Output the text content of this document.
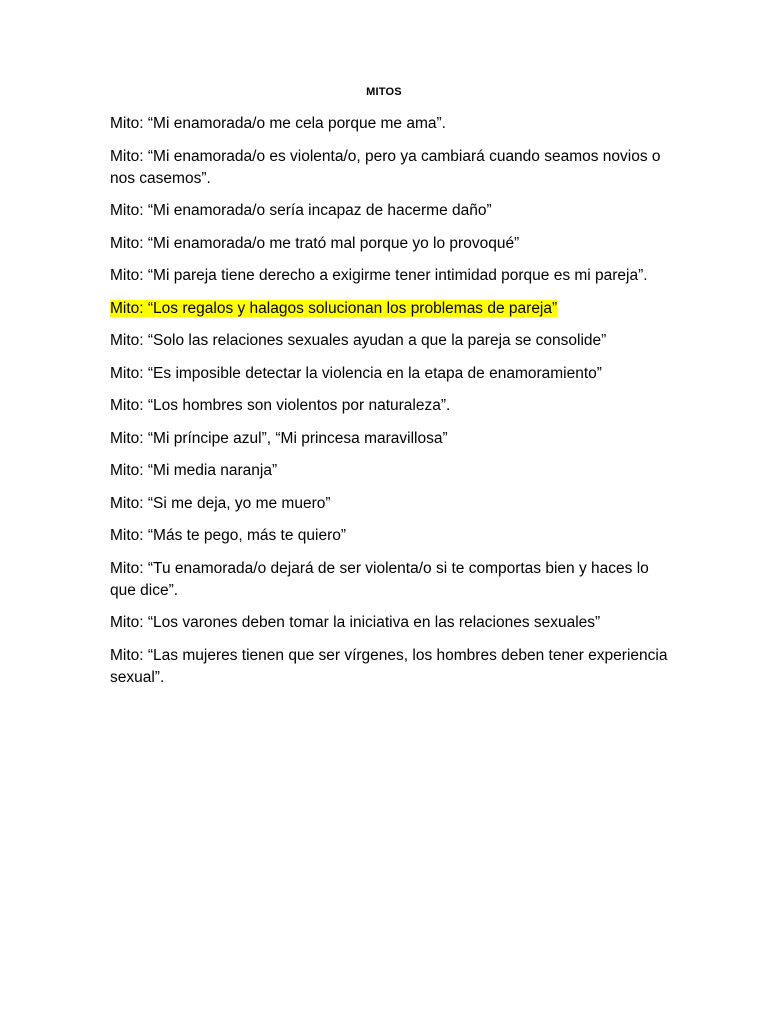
MITOS
Mito: “Mi enamorada/o me cela porque me ama”.
Mito: “Mi enamorada/o es violenta/o, pero ya cambiará cuando seamos novios o nos casemos”.
Mito: “Mi enamorada/o sería incapaz de hacerme daño”
Mito: “Mi enamorada/o me trató mal porque yo lo provoqué”
Mito: “Mi pareja tiene derecho a exigirme tener intimidad porque es mi pareja”.
Mito: “Los regalos y halagos solucionan los problemas de pareja”
Mito: “Solo las relaciones sexuales ayudan a que la pareja se consolide”
Mito: “Es imposible detectar la violencia en la etapa de enamoramiento”
Mito: “Los hombres son violentos por naturaleza”.
Mito: “Mi príncipe azul”, “Mi princesa maravillosa”
Mito: “Mi media naranja”
Mito: “Si me deja, yo me muero”
Mito: “Más te pego, más te quiero”
Mito: “Tu enamorada/o dejará de ser violenta/o si te comportas bien y haces lo que dice”.
Mito: “Los varones deben tomar la iniciativa en las relaciones sexuales”
Mito: “Las mujeres tienen que ser vírgenes, los hombres deben tener experiencia sexual”.
